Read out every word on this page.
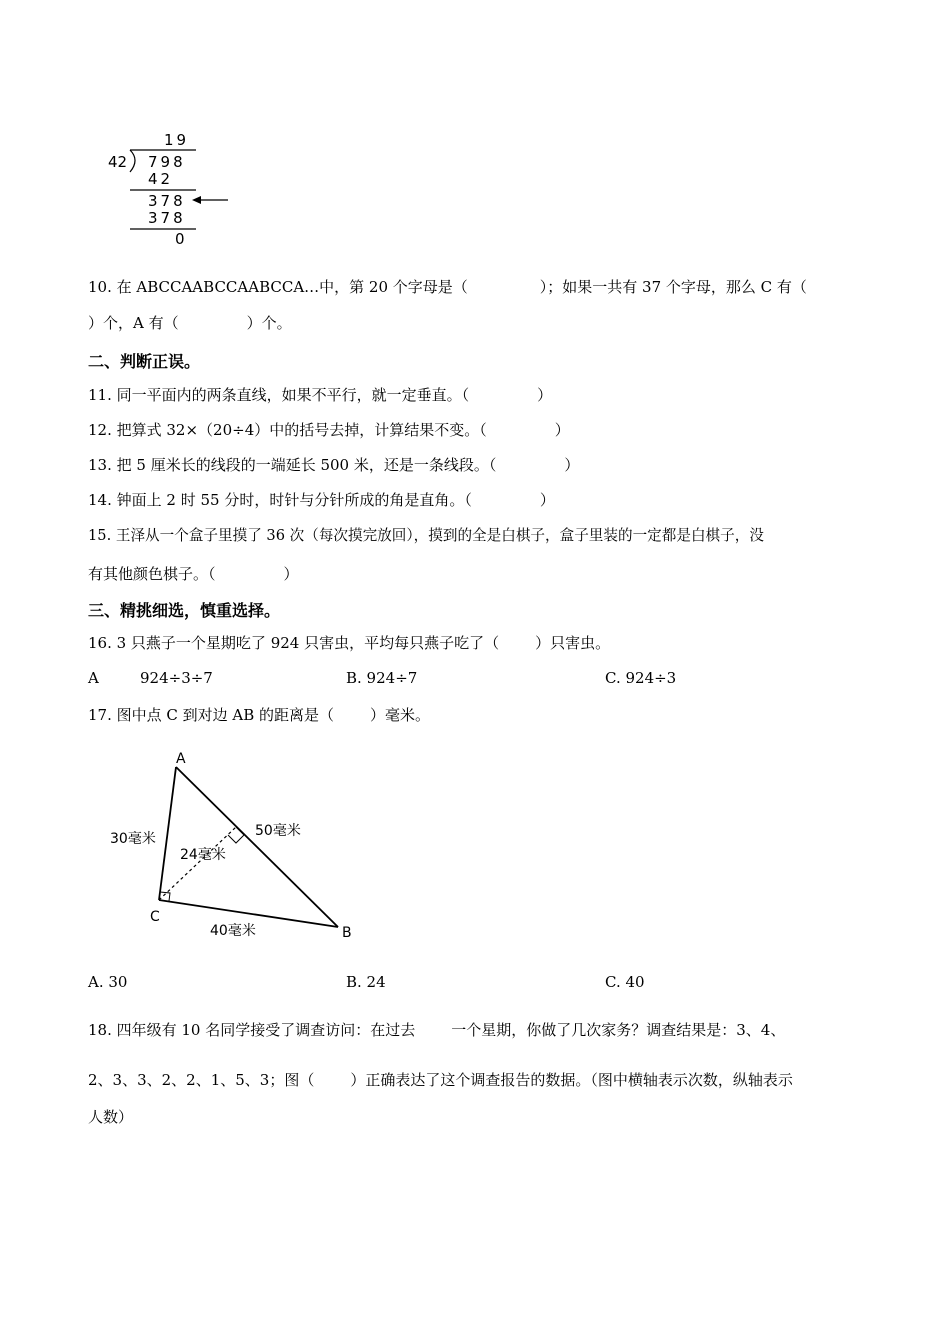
19
42 798
42
378
378
0
10. 在 ABCCAABCCAABCCA…中，第 20 个字母是（	）；如果一共有 37 个字母，那么 C 有（
）个，A 有（	）个。
二、判断正误。
11. 同一平面内的两条直线，如果不平行，就一定垂直。（	）
12. 把算式 32×（20÷4）中的括号去掉，计算结果不变。（	）
13. 把 5 厘米长的线段的一端延长 500 米，还是一条线段。（	）
14. 钟面上 2 时 55 分时，时针与分针所成的角是直角。（	）
15. 王泽从一个盒子里摸了 36 次（每次摸完放回），摸到的全是白棋子，盒子里装的一定都是白棋子，没
有其他颜色棋子。（	）
三、精挑细选，慎重选择。
16. 3 只燕子一个星期吃了 924 只害虫，平均每只燕子吃了（ ）只害虫。
A	924÷3÷7	B. 924÷7	C. 924÷3
17. 图中点 C 到对边 AB 的距离是（ ）毫米。
A
B
C
30毫米	50毫米
24毫米
40毫米
A. 30	B. 24	C. 40
18. 四年级有 10 名同学接受了调查访问：在过去 一个星期，你做了几次家务？调查结果是：3、4、
2、3、3、2、2、1、5、3；图（ ）正确表达了这个调查报告的数据。（图中横轴表示次数，纵轴表示
人数）
